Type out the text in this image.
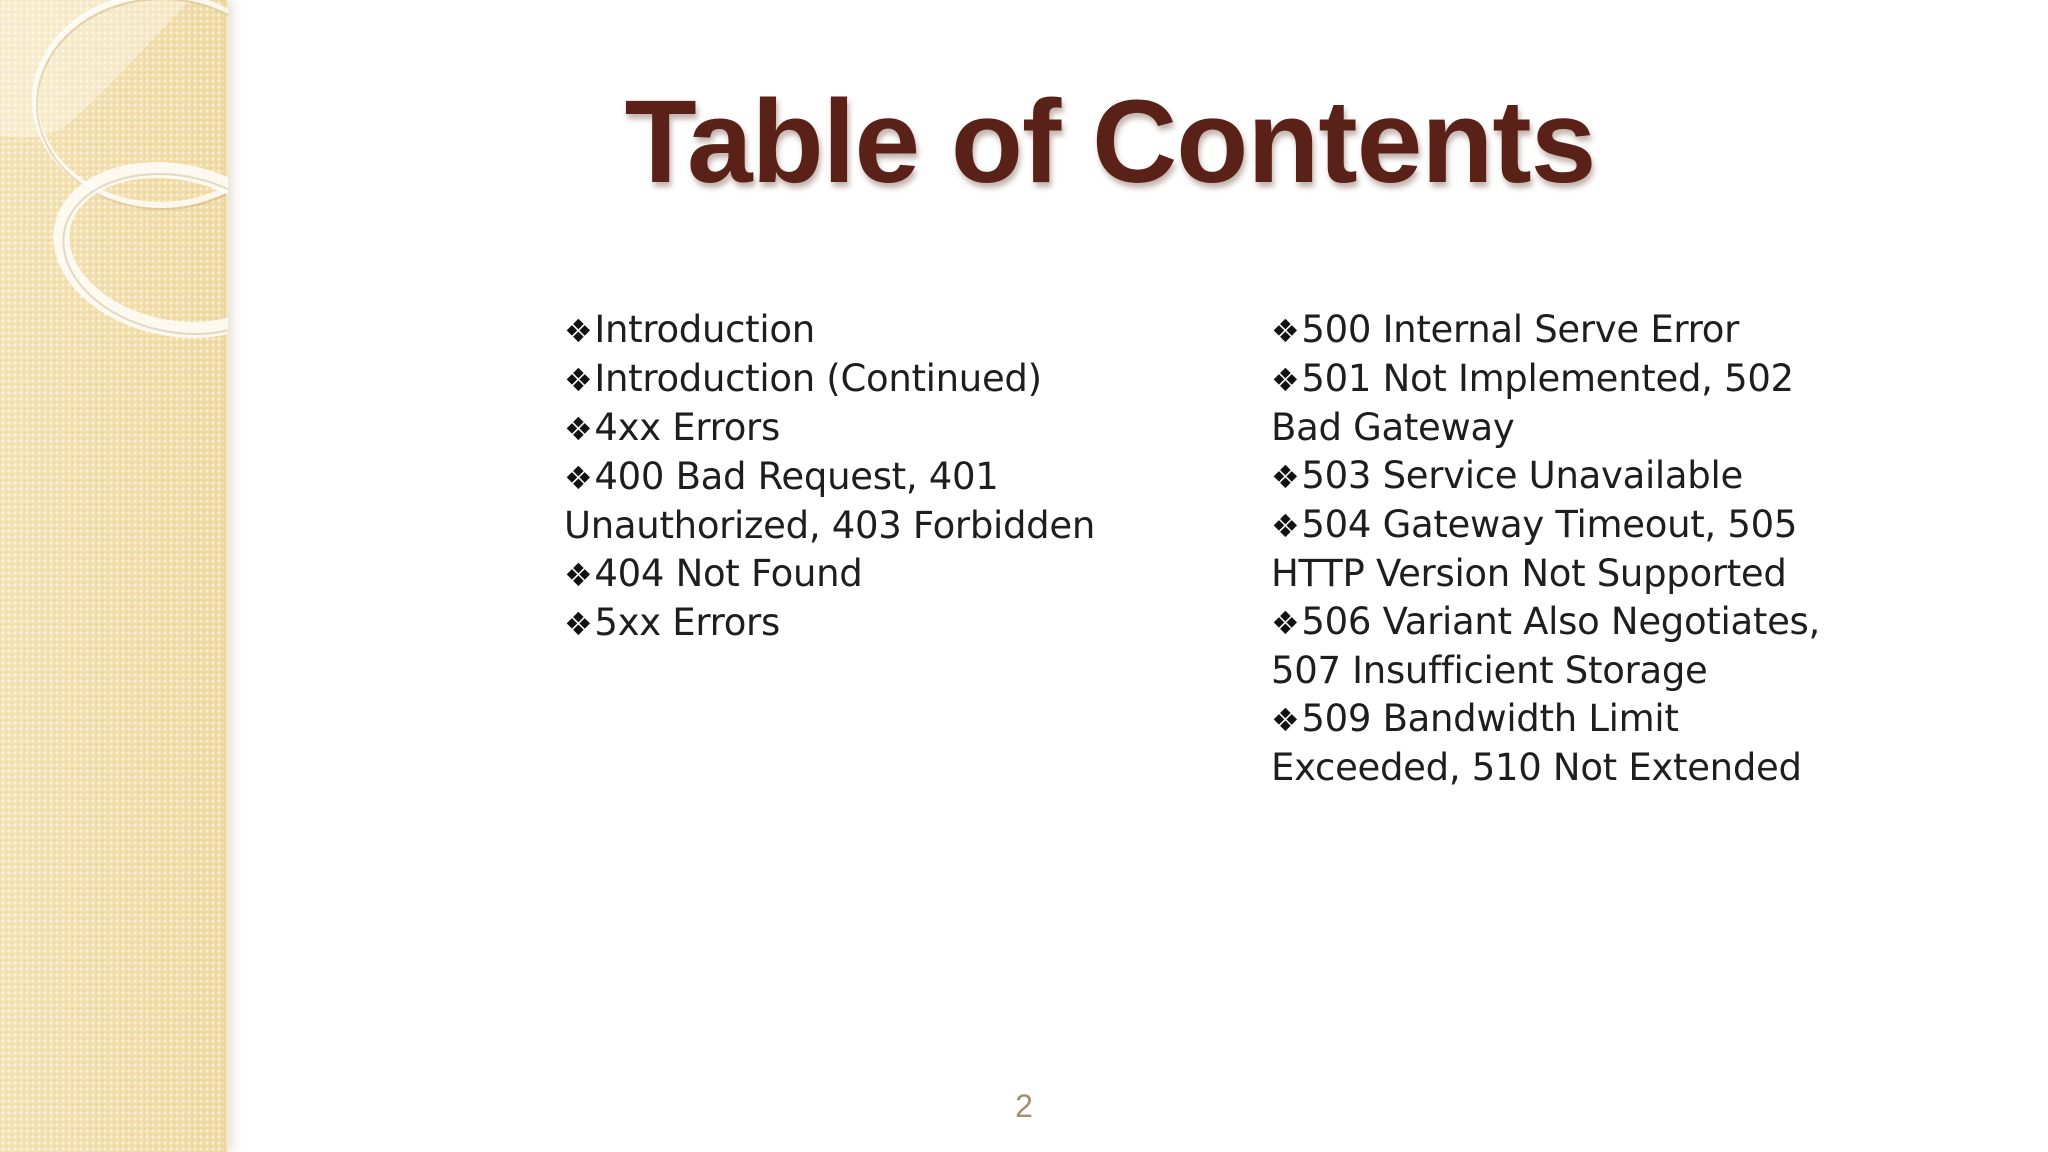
Table of Contents
❖Introduction
❖Introduction (Continued)
❖4xx Errors
❖400 Bad Request, 401
Unauthorized, 403 Forbidden
❖404 Not Found
❖5xx Errors
❖500 Internal Serve Error
❖501 Not Implemented, 502
Bad Gateway
❖503 Service Unavailable
❖504 Gateway Timeout, 505
HTTP Version Not Supported
❖506 Variant Also Negotiates,
507 Insufficient Storage
❖509 Bandwidth Limit
Exceeded, 510 Not Extended
2
